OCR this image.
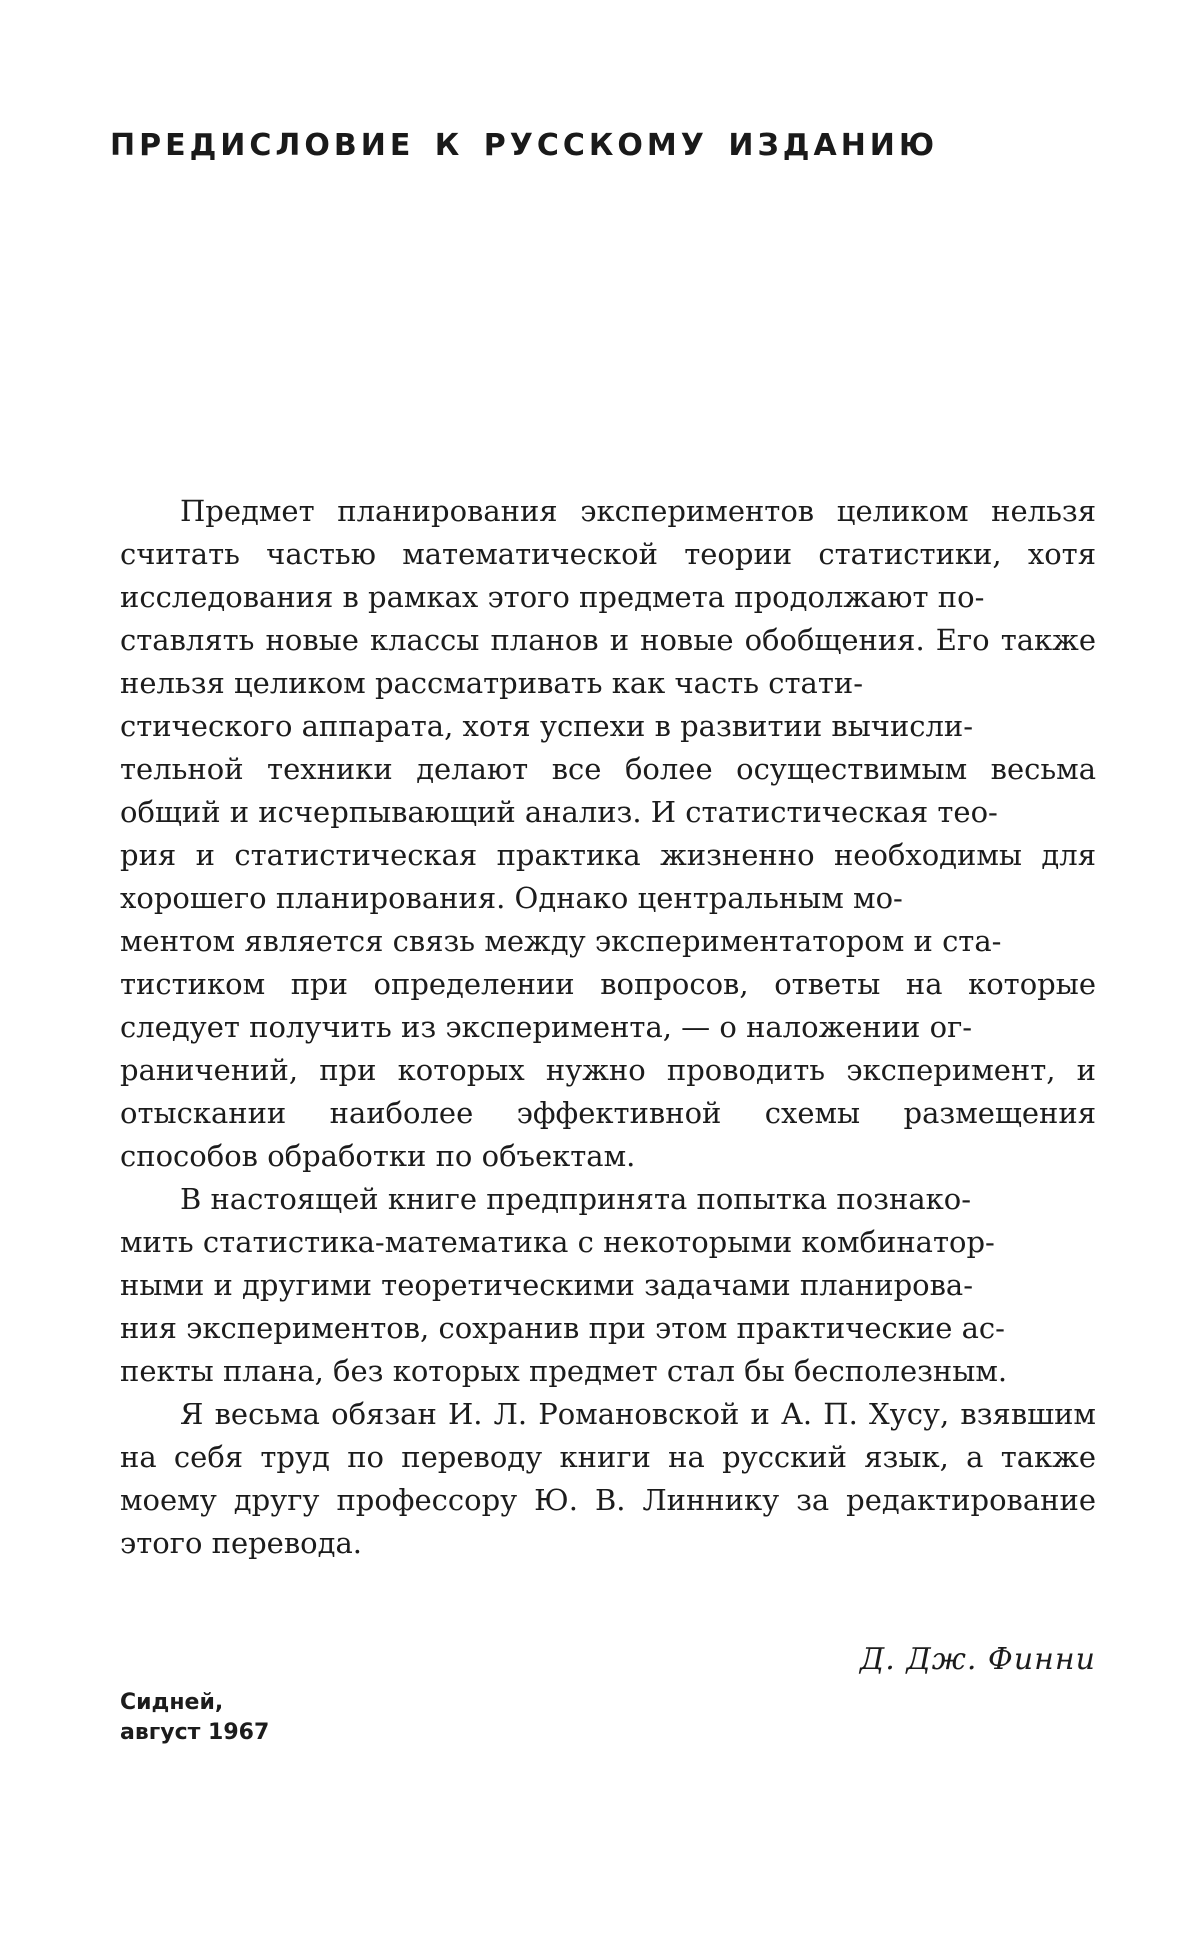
ПРЕДИСЛОВИЕ К РУССКОМУ ИЗДАНИЮ

Предмет планирования экспериментов целиком нельзя считать частью математической теории статистики, хотя исследования в рамках этого предмета продолжают по-
ставлять новые классы планов и новые обобщения. Его также нельзя целиком рассматривать как часть стати-
стического аппарата, хотя успехи в развитии вычисли-
тельной техники делают все более осуществимым весьма общий и исчерпывающий анализ. И статистическая тео-
рия и статистическая практика жизненно необходимы для хорошего планирования. Однако центральным мо-
ментом является связь между экспериментатором и ста-
тистиком при определении вопросов, ответы на которые следует получить из эксперимента, — о наложении ог-
раничений, при которых нужно проводить эксперимент, и отыскании наиболее эффективной схемы размещения способов обработки по объектам.

В настоящей книге предпринята попытка познако-
мить статистика-математика с некоторыми комбинатор-
ными и другими теоретическими задачами планирова-
ния экспериментов, сохранив при этом практические ас-
пекты плана, без которых предмет стал бы бесполезным.

Я весьма обязан И. Л. Романовской и А. П. Хусу, взявшим на себя труд по переводу книги на русский язык, а также моему другу профессору Ю. В. Линнику за редактирование этого перевода.

Д. Дж. Финни
Сидней,
август 1967
